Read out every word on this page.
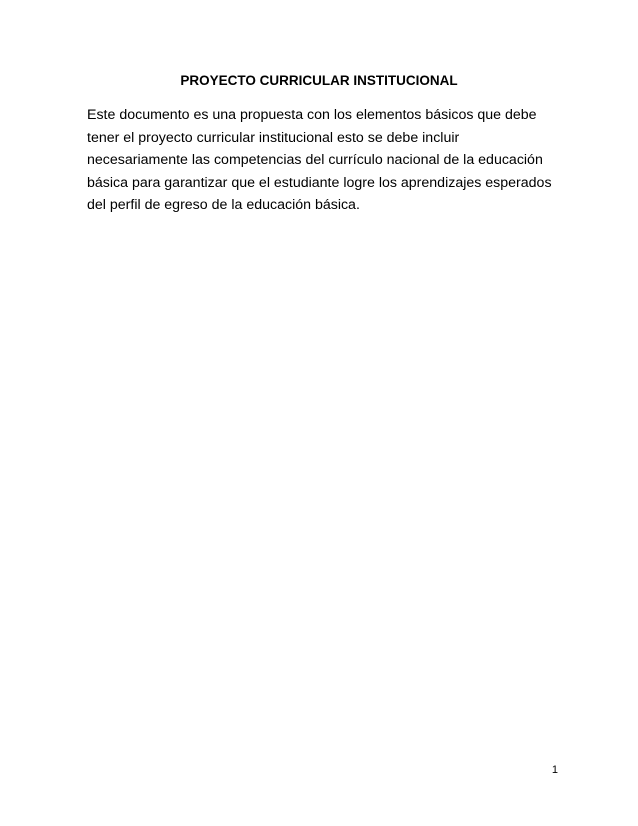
PROYECTO CURRICULAR INSTITUCIONAL

Este documento es una propuesta con los elementos básicos que debe
tener el proyecto curricular institucional esto se debe incluir
necesariamente las competencias del currículo nacional de la educación
básica para garantizar que el estudiante logre los aprendizajes esperados
del perfil de egreso de la educación básica.

1
